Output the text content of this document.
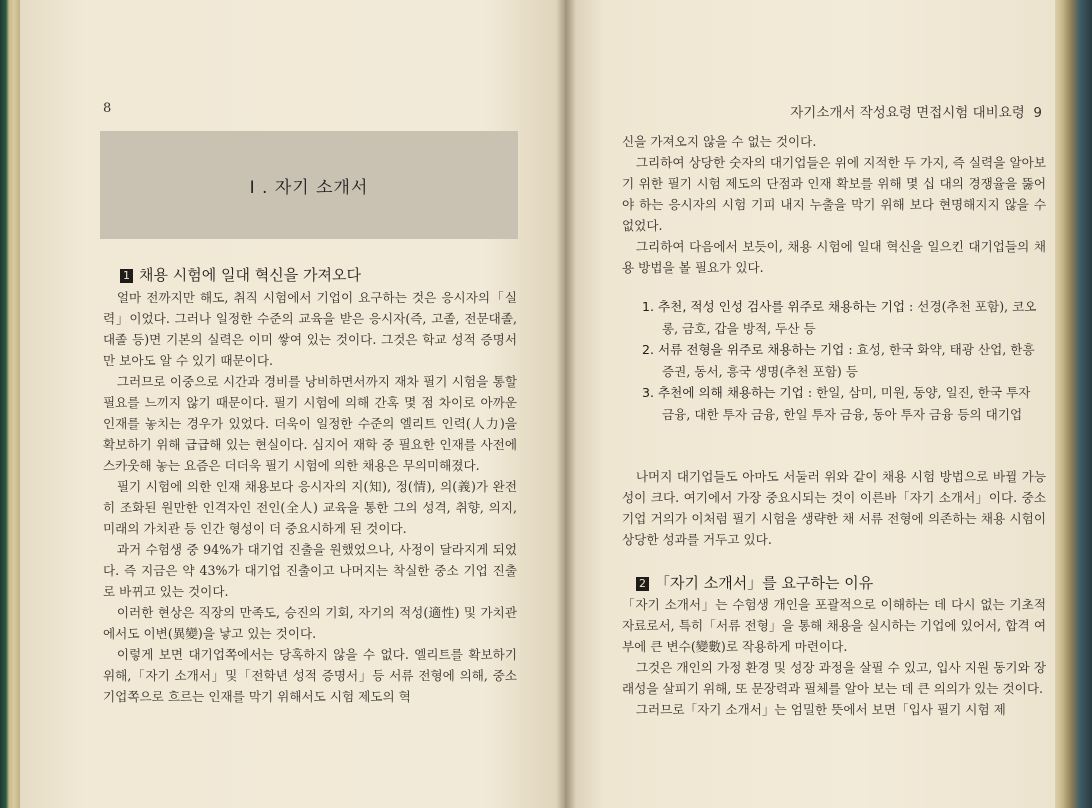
8
I . 자기 소개서
1 채용 시험에 일대 혁신을 가져오다

얼마 전까지만 해도, 취직 시험에서 기업이 요구하는 것은 응시자의「실력」이었다. 그러나 일정한 수준의 교육을 받은 응시자(즉, 고졸, 전문대졸, 대졸 등)면 기본의 실력은 이미 쌓여 있는 것이다. 그것은 학교 성적 증명서만 보아도 알 수 있기 때문이다.

그러므로 이중으로 시간과 경비를 낭비하면서까지 재차 필기 시험을 통할 필요를 느끼지 않기 때문이다. 필기 시험에 의해 간혹 몇 점 차이로 아까운 인재를 놓치는 경우가 있었다. 더욱이 일정한 수준의 엘리트 인력(人力)을 확보하기 위해 급급해 있는 현실이다. 심지어 재학 중 필요한 인재를 사전에 스카웃해 놓는 요즘은 더더욱 필기 시험에 의한 채용은 무의미해졌다.

필기 시험에 의한 인재 채용보다 응시자의 지(知), 정(情), 의(義)가 완전히 조화된 원만한 인격자인 전인(全人) 교육을 통한 그의 성격, 취향, 의지, 미래의 가치관 등 인간 형성이 더 중요시하게 된 것이다.

과거 수험생 중 94%가 대기업 진출을 원했었으나, 사정이 달라지게 되었다. 즉 지금은 약 43%가 대기업 진출이고 나머지는 착실한 중소 기업 진출로 바뀌고 있는 것이다.

이러한 현상은 직장의 만족도, 승진의 기회, 자기의 적성(適性) 및 가치관에서도 이변(異變)을 낳고 있는 것이다.

이렇게 보면 대기업쪽에서는 당혹하지 않을 수 없다. 엘리트를 확보하기 위해,「자기 소개서」및「전학년 성적 증명서」등 서류 전형에 의해, 중소 기업쪽으로 흐르는 인재를 막기 위해서도 시험 제도의 혁

자기소개서 작성요령 면접시험 대비요령 9

신을 가져오지 않을 수 없는 것이다.

그리하여 상당한 숫자의 대기업들은 위에 지적한 두 가지, 즉 실력을 알아보기 위한 필기 시험 제도의 단점과 인재 확보를 위해 몇 십 대의 경쟁율을 뚫어야 하는 응시자의 시험 기피 내지 누출을 막기 위해 보다 현명해지지 않을 수 없었다.

그리하여 다음에서 보듯이, 채용 시험에 일대 혁신을 일으킨 대기업들의 채용 방법을 볼 필요가 있다.

1. 추천, 적성 인성 검사를 위주로 채용하는 기업 : 선경(추천 포함), 코오롱, 금호, 갑을 방적, 두산 등
2. 서류 전형을 위주로 채용하는 기업 : 효성, 한국 화약, 태광 산업, 한흥 증권, 동서, 흥국 생명(추천 포함) 등
3. 추천에 의해 채용하는 기업 : 한일, 삼미, 미원, 동양, 일진, 한국 투자 금융, 대한 투자 금융, 한일 투자 금융, 동아 투자 금융 등의 대기업

나머지 대기업들도 아마도 서둘러 위와 같이 채용 시험 방법으로 바뀔 가능성이 크다. 여기에서 가장 중요시되는 것이 이른바「자기 소개서」이다. 중소 기업 거의가 이처럼 필기 시험을 생략한 채 서류 전형에 의존하는 채용 시험이 상당한 성과를 거두고 있다.

2 「자기 소개서」를 요구하는 이유

「자기 소개서」는 수험생 개인을 포괄적으로 이해하는 데 다시 없는 기초적 자료로서, 특히「서류 전형」을 통해 채용을 실시하는 기업에 있어서, 합격 여부에 큰 변수(變數)로 작용하게 마련이다.

그것은 개인의 가정 환경 및 성장 과정을 살필 수 있고, 입사 지원 동기와 장래성을 살피기 위해, 또 문장력과 필체를 알아 보는 데 큰 의의가 있는 것이다.

그러므로「자기 소개서」는 엄밀한 뜻에서 보면「입사 필기 시험 제
